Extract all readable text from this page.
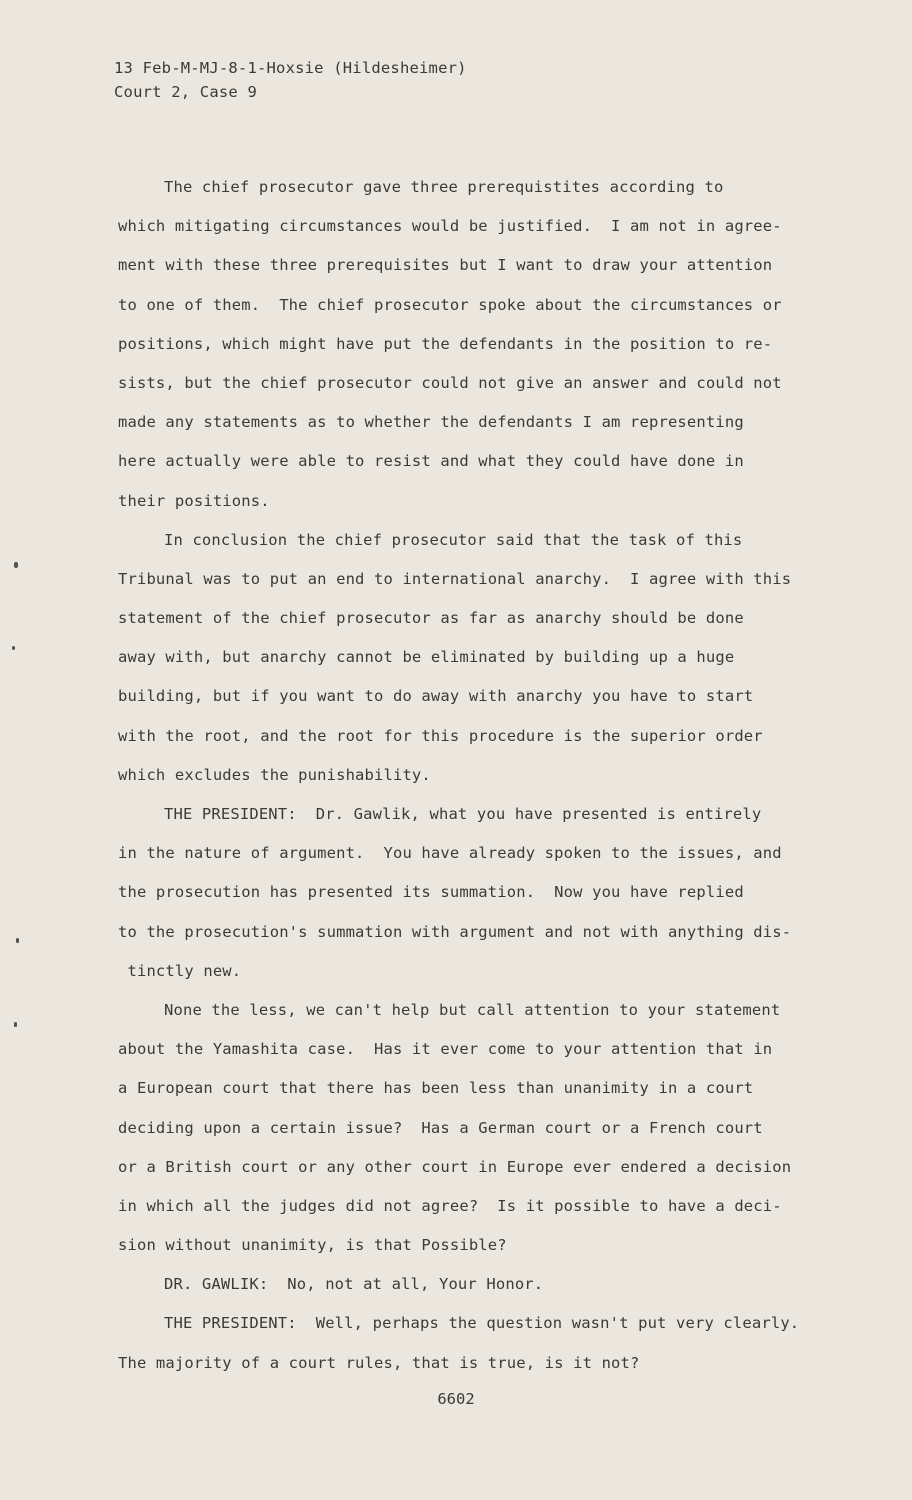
13 Feb-M-MJ-8-1-Hoxsie (Hildesheimer)
Court 2, Case 9
The chief prosecutor gave three prerequistites according to
which mitigating circumstances would be justified.  I am not in agree-
ment with these three prerequisites but I want to draw your attention
to one of them.  The chief prosecutor spoke about the circumstances or
positions, which might have put the defendants in the position to re-
sists, but the chief prosecutor could not give an answer and could not
made any statements as to whether the defendants I am representing
here actually were able to resist and what they could have done in
their positions.
In conclusion the chief prosecutor said that the task of this
Tribunal was to put an end to international anarchy.  I agree with this
statement of the chief prosecutor as far as anarchy should be done
away with, but anarchy cannot be eliminated by building up a huge
building, but if you want to do away with anarchy you have to start
with the root, and the root for this procedure is the superior order
which excludes the punishability.
THE PRESIDENT:  Dr. Gawlik, what you have presented is entirely
in the nature of argument.  You have already spoken to the issues, and
the prosecution has presented its summation.  Now you have replied
to the prosecution's summation with argument and not with anything dis-
tinctly new.
None the less, we can't help but call attention to your statement
about the Yamashita case.  Has it ever come to your attention that in
a European court that there has been less than unanimity in a court
deciding upon a certain issue?  Has a German court or a French court
or a British court or any other court in Europe ever endered a decision
in which all the judges did not agree?  Is it possible to have a deci-
sion without unanimity, is that Possible?
DR. GAWLIK:  No, not at all, Your Honor.
THE PRESIDENT:  Well, perhaps the question wasn't put very clearly.
The majority of a court rules, that is true, is it not?
6602
